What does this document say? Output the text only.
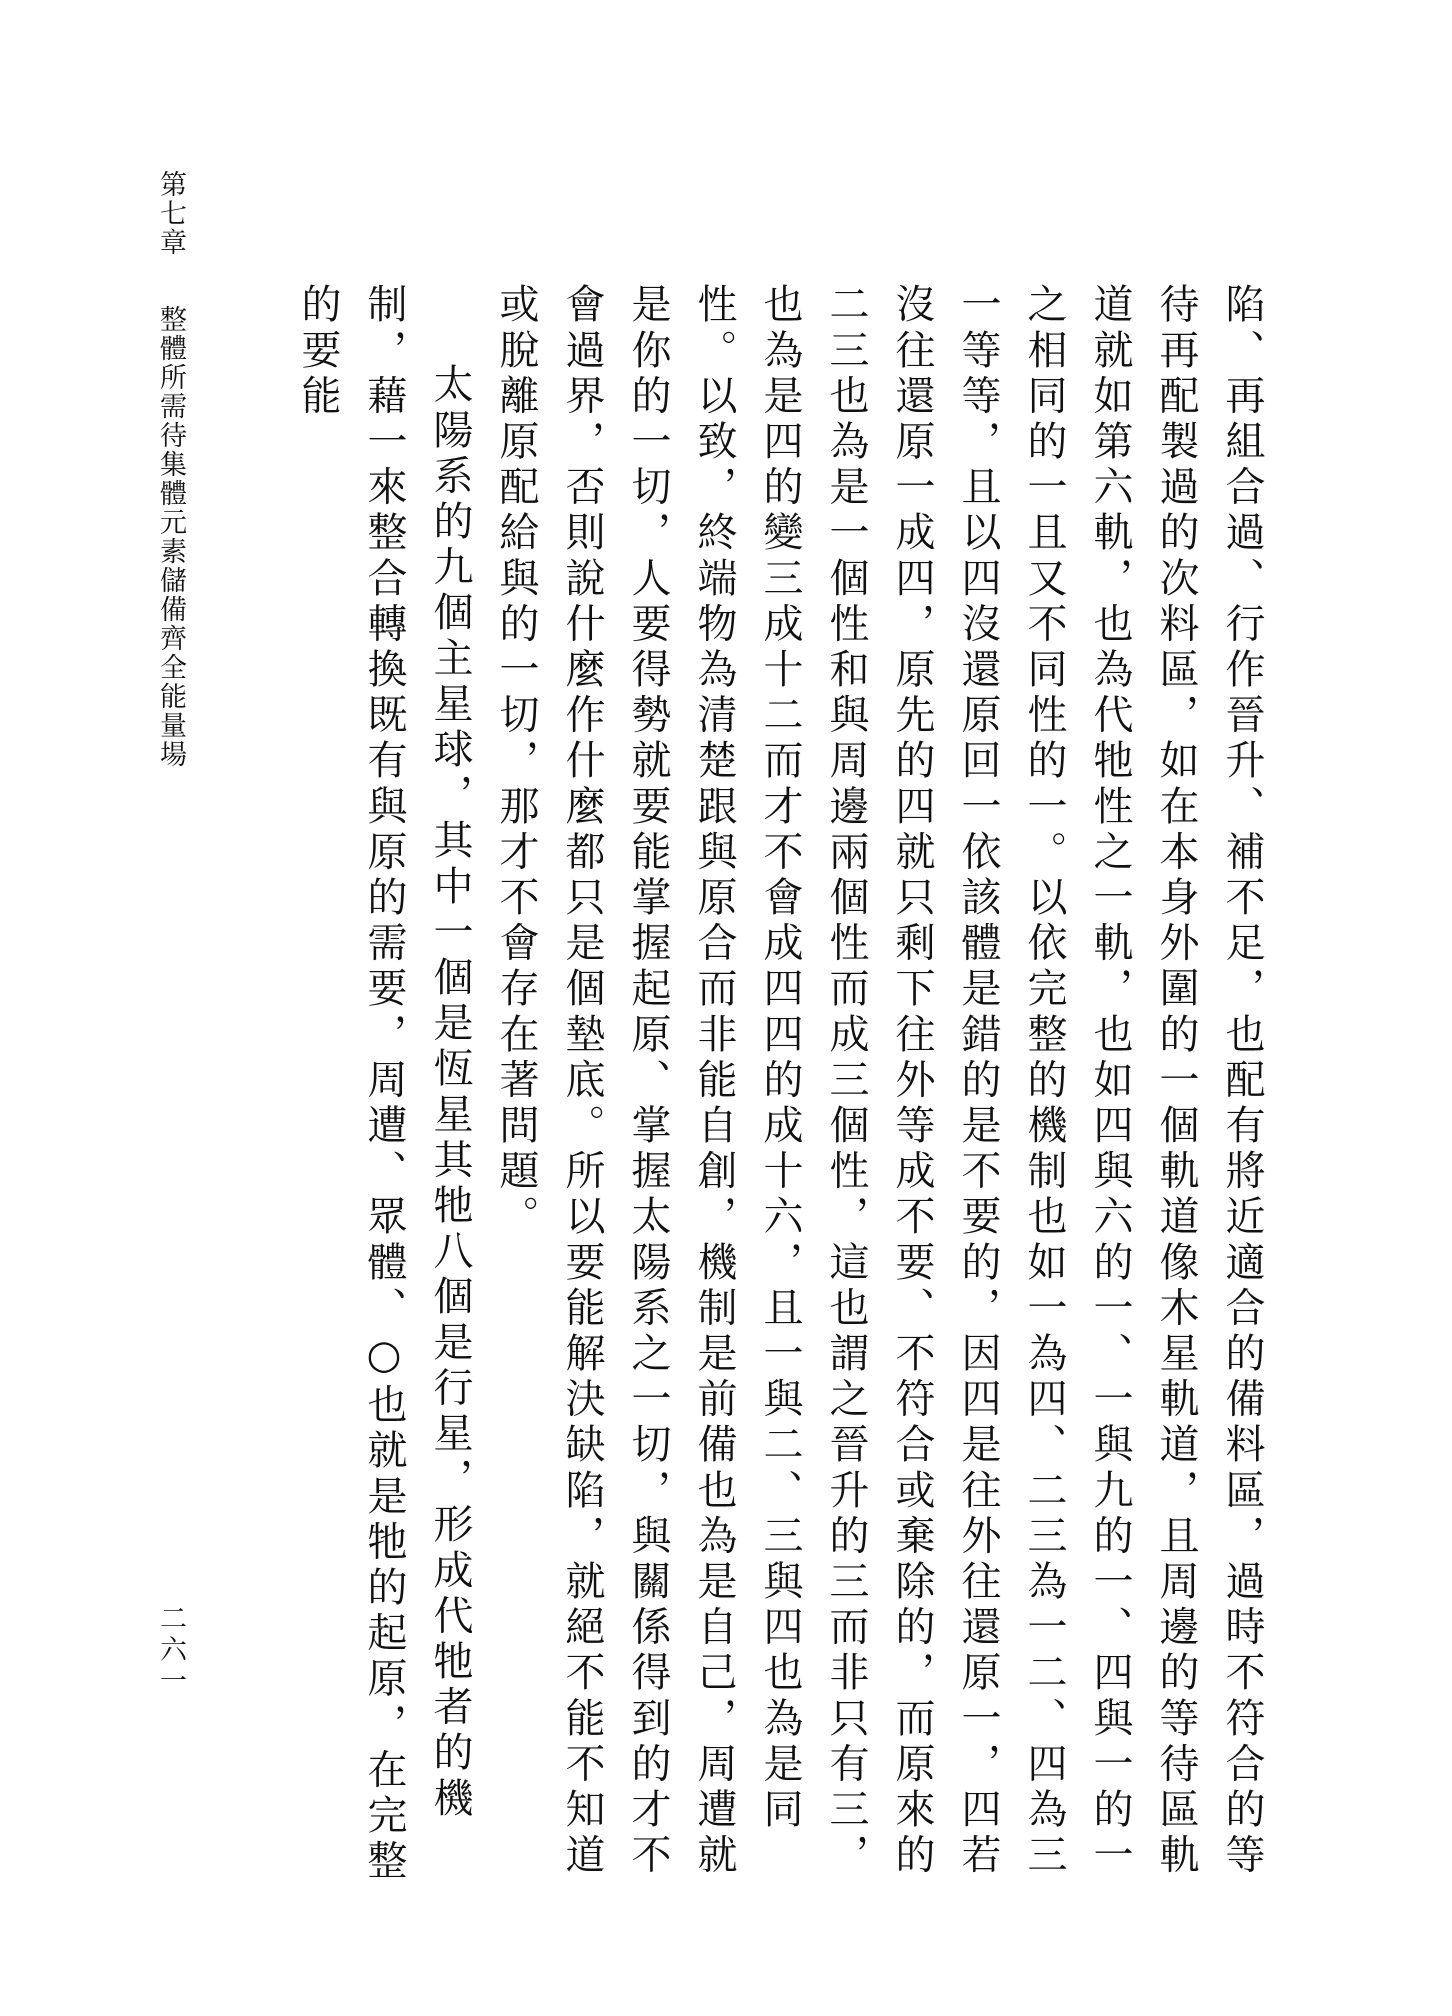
第七章整體所需待集體元素儲備齊全能量場
二六一	陷、再組合過、行作晉升、補不足，也配有將近適合的備料區，過時不符合的等待再配製過的次料區，如在本身外圍的一個軌道像木星軌道，且周邊的等待區軌道就如第六軌，也為代牠性之一軌，也如四與六的一、一與九的一、四與一的一之相同的一且又不同性的一。以依完整的機制也如一為四、二三為一二、四為三一等等，且以四沒還原回一依該體是錯的是不要的，因四是往外往還原一，四若沒往還原一成四，原先的四就只剩下往外等成不要、不符合或棄除的，而原來的二三也為是一個性和與周邊兩個性而成三個性，這也謂之晉升的三而非只有三，也為是四的變三成十二而才不會成四四的成十六，且一與二、三與四也為是同性。以致，終端物為清楚跟與原合而非能自創，機制是前備也為是自己，周遭就是你的一切，人要得勢就要能掌握起原、掌握太陽系之一切，與關係得到的才不會過界，否則說什麼作什麼都只是個墊底。所以要能解決缺陷，就絕不能不知道或脫離原配給與的一切，那才不會存在著問題。

太陽系的九個主星球，其中一個是恆星其牠八個是行星，形成代牠者的機制，藉一來整合轉換既有與原的需要，周遭、眾體、○也就是牠的起原，在完整的要能
